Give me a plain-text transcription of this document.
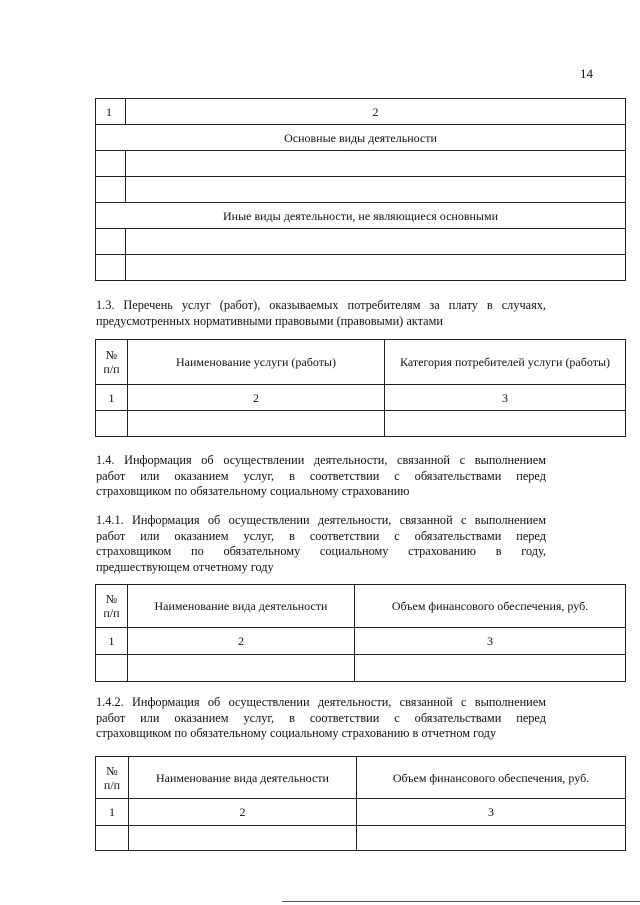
14
1	2
Основные виды деятельности	

Иные виды деятельности, не являющиеся основными	

1.3. Перечень услуг (работ), оказываемых потребителям за плату в случаях,
предусмотренных нормативными правовыми (правовыми) актами

№
п/п	Наименование услуги (работы)	Категория потребителей услуги (работы)
1	2	3

1.4. Информация об осуществлении деятельности, связанной с выполнением
работ или оказанием услуг, в соответствии с обязательствами перед
страховщиком по обязательному социальному страхованию

1.4.1. Информация об осуществлении деятельности, связанной с выполнением
работ или оказанием услуг, в соответствии с обязательствами перед
страховщиком по обязательному социальному страхованию в году,
предшествующем отчетному году

№
п/п	Наименование вида деятельности	Объем финансового обеспечения, руб.
1	2	3

1.4.2. Информация об осуществлении деятельности, связанной с выполнением
работ или оказанием услуг, в соответствии с обязательствами перед
страховщиком по обязательному социальному страхованию в отчетном году

№
п/п	Наименование вида деятельности	Объем финансового обеспечения, руб.
1	2	3
